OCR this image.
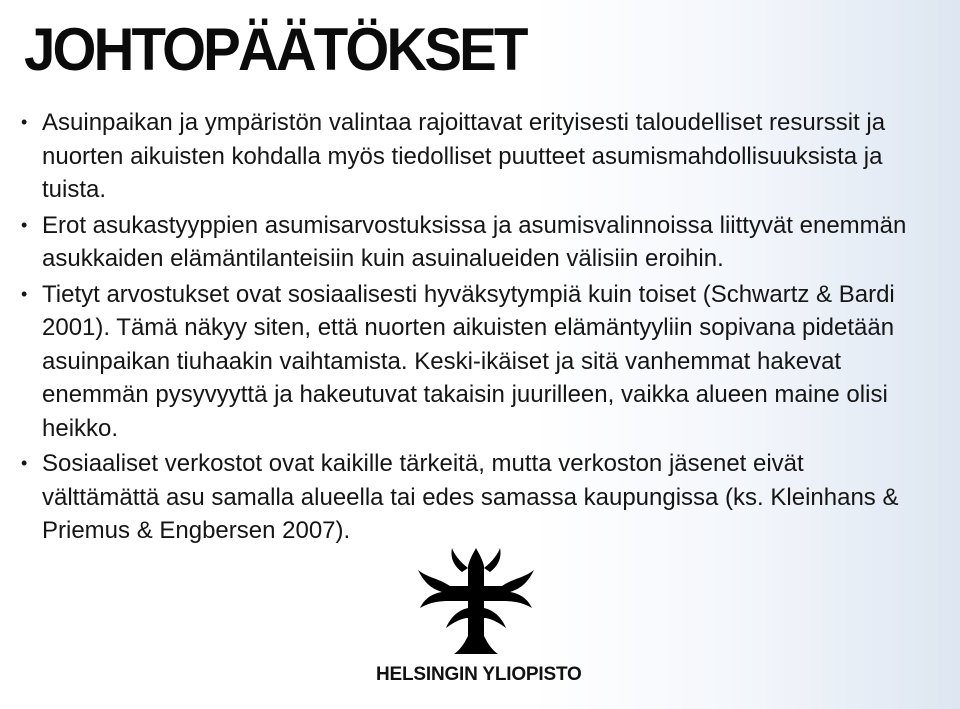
JOHTOPÄÄTÖKSET
• Asuinpaikan ja ympäristön valintaa rajoittavat erityisesti taloudelliset resurssit ja nuorten aikuisten kohdalla myös tiedolliset puutteet asumismahdollisuuksista ja tuista.
• Erot asukastyyppien asumisarvostuksissa ja asumisvalinnoissa liittyvät enemmän asukkaiden elämäntilanteisiin kuin asuinalueiden välisiin eroihin.
• Tietyt arvostukset ovat sosiaalisesti hyväksytympiä kuin toiset (Schwartz & Bardi 2001). Tämä näkyy siten, että nuorten aikuisten elämäntyyliin sopivana pidetään asuinpaikan tiuhaakin vaihtamista. Keski-ikäiset ja sitä vanhemmat hakevat enemmän pysyvyyttä ja hakeutuvat takaisin juurilleen, vaikka alueen maine olisi heikko.
• Sosiaaliset verkostot ovat kaikille tärkeitä, mutta verkoston jäsenet eivät välttämättä asu samalla alueella tai edes samassa kaupungissa (ks. Kleinhans & Priemus & Engbersen 2007).
HELSINGIN YLIOPISTO
